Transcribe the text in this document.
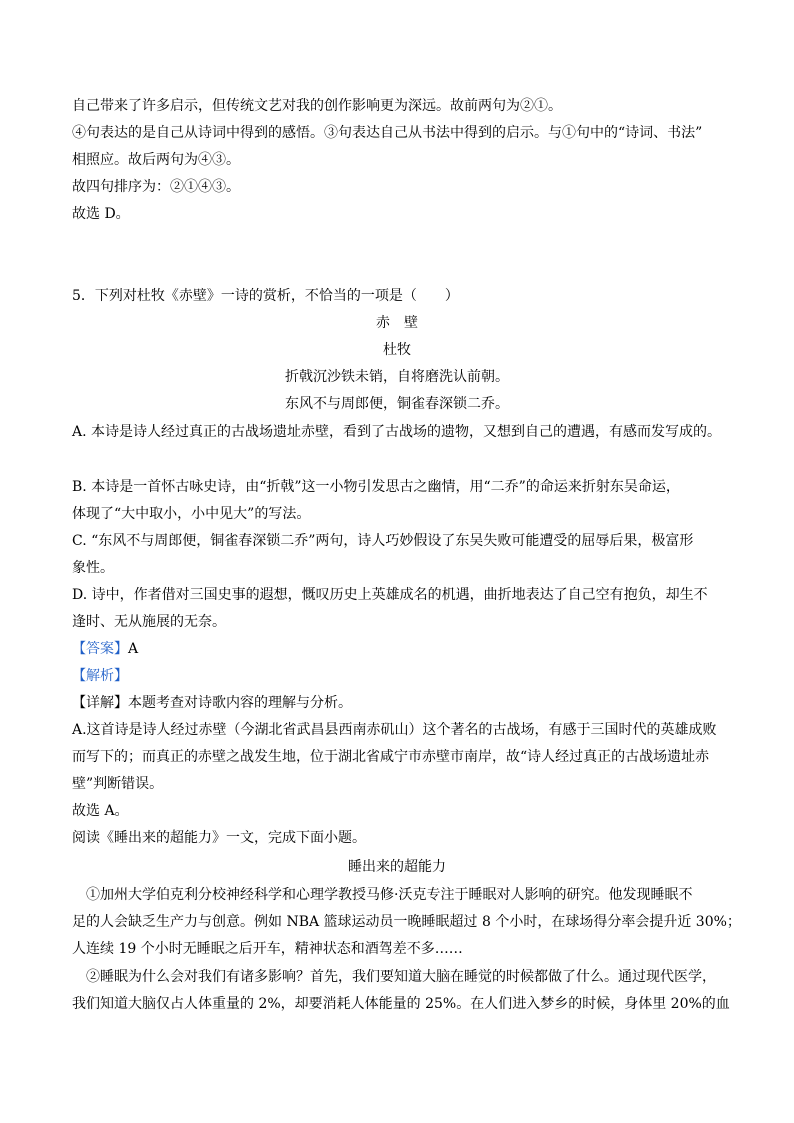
自己带来了许多启示，但传统文艺对我的创作影响更为深远。故前两句为②①。
④句表达的是自己从诗词中得到的感悟。③句表达自己从书法中得到的启示。与①句中的“诗词、书法”
相照应。故后两句为④③。
故四句排序为：②①④③。
故选 D。
5．下列对杜牧《赤壁》一诗的赏析，不恰当的一项是（　　）
赤　壁
杜牧
折戟沉沙铁未销，自将磨洗认前朝。
东风不与周郎便，铜雀春深锁二乔。
A. 本诗是诗人经过真正的古战场遗址赤壁，看到了古战场的遗物，又想到自己的遭遇，有感而发写成的。
B. 本诗是一首怀古咏史诗，由“折戟”这一小物引发思古之幽情，用“二乔”的命运来折射东吴命运，
体现了“大中取小，小中见大”的写法。
C. “东风不与周郎便，铜雀春深锁二乔”两句，诗人巧妙假设了东吴失败可能遭受的屈辱后果，极富形
象性。
D. 诗中，作者借对三国史事的遐想，慨叹历史上英雄成名的机遇，曲折地表达了自己空有抱负，却生不
逢时、无从施展的无奈。
【答案】A
【解析】
【详解】本题考查对诗歌内容的理解与分析。
A.这首诗是诗人经过赤壁（今湖北省武昌县西南赤矶山）这个著名的古战场，有感于三国时代的英雄成败
而写下的；而真正的赤壁之战发生地，位于湖北省咸宁市赤壁市南岸，故“诗人经过真正的古战场遗址赤
壁”判断错误。
故选 A。
阅读《睡出来的超能力》一文，完成下面小题。
睡出来的超能力
①加州大学伯克利分校神经科学和心理学教授马修·沃克专注于睡眠对人影响的研究。他发现睡眠不
足的人会缺乏生产力与创意。例如 NBA 篮球运动员一晚睡眠超过 8 个小时，在球场得分率会提升近 30%；
人连续 19 个小时无睡眠之后开车，精神状态和酒驾差不多……
②睡眠为什么会对我们有诸多影响？首先，我们要知道大脑在睡觉的时候都做了什么。通过现代医学，
我们知道大脑仅占人体重量的 2%，却要消耗人体能量的 25%。在人们进入梦乡的时候，身体里 20%的血
